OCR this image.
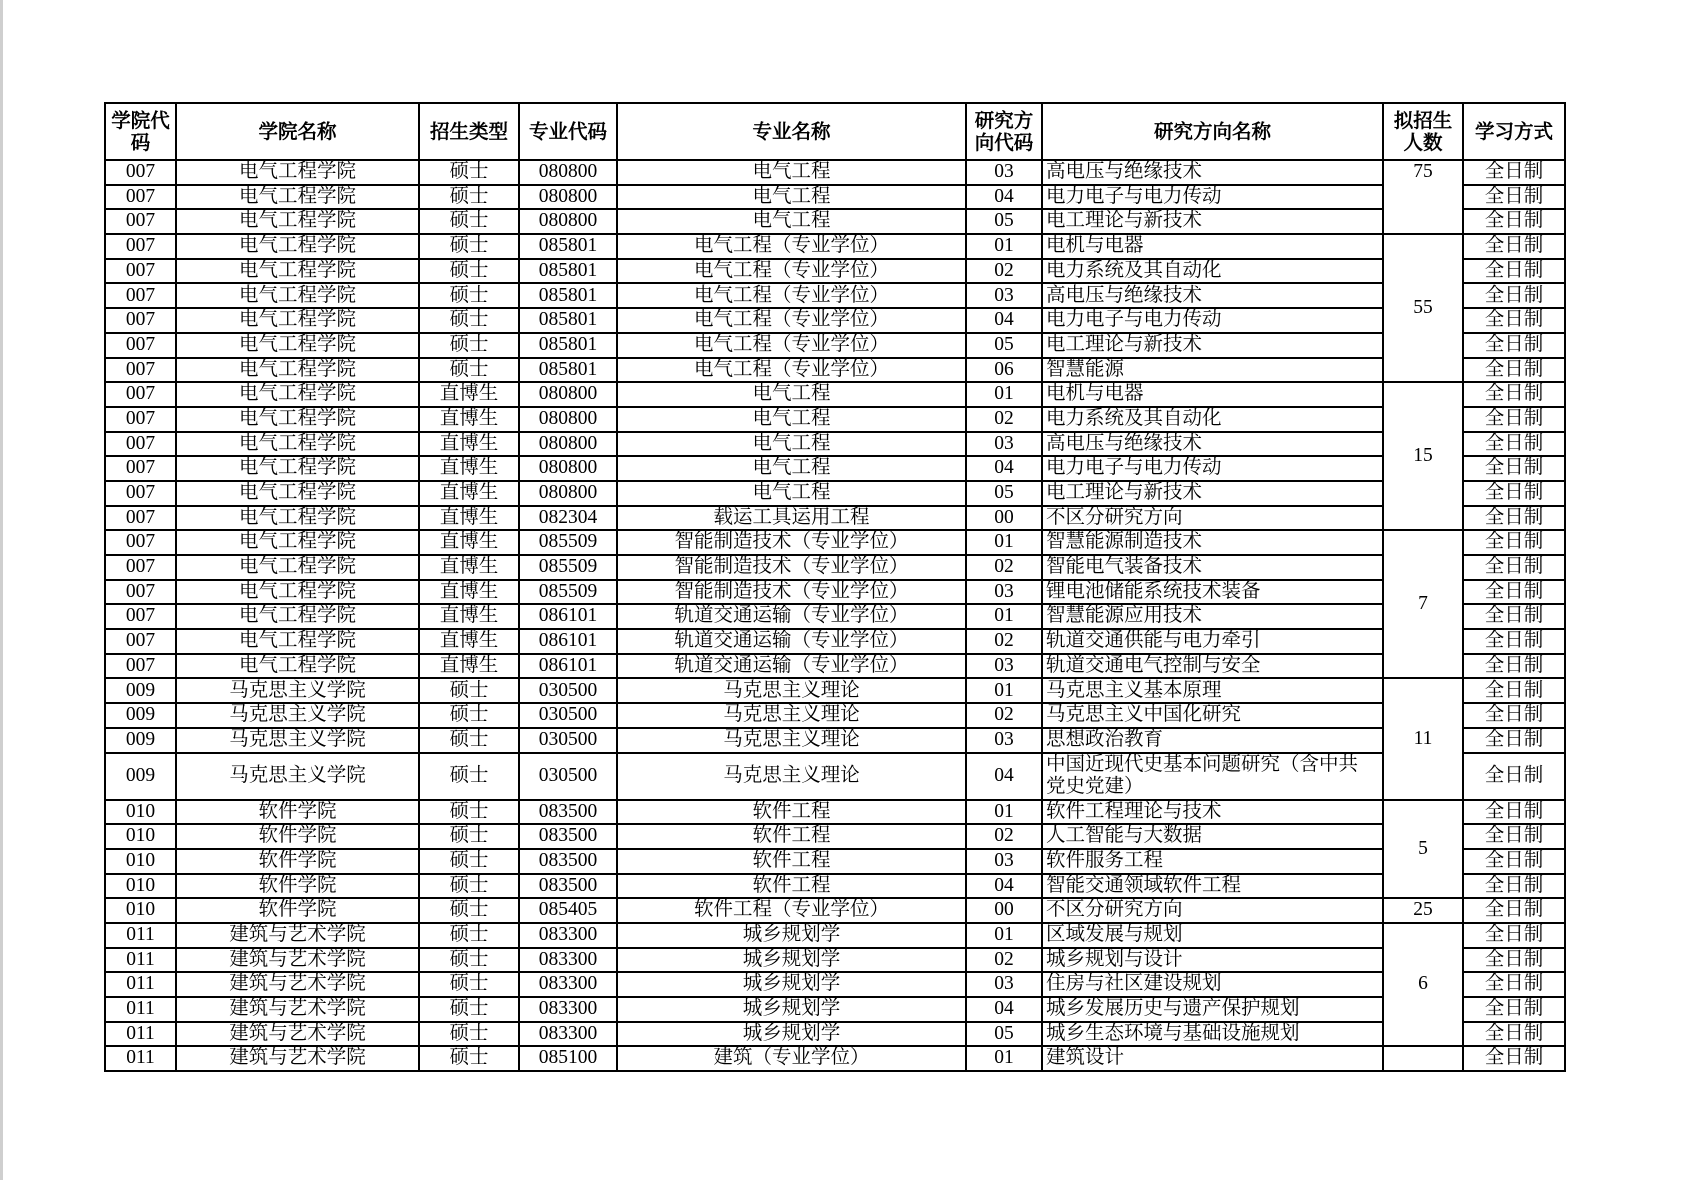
学院代码	学院名称	招生类型	专业代码	专业名称	研究方向代码	研究方向名称	拟招生人数	学习方式
007	电气工程学院	硕士	080800	电气工程	03	高电压与绝缘技术	75	全日制
007	电气工程学院	硕士	080800	电气工程	04	电力电子与电力传动		全日制
007	电气工程学院	硕士	080800	电气工程	05	电工理论与新技术		全日制
007	电气工程学院	硕士	085801	电气工程（专业学位）	01	电机与电器	55	全日制
007	电气工程学院	硕士	085801	电气工程（专业学位）	02	电力系统及其自动化		全日制
007	电气工程学院	硕士	085801	电气工程（专业学位）	03	高电压与绝缘技术		全日制
007	电气工程学院	硕士	085801	电气工程（专业学位）	04	电力电子与电力传动		全日制
007	电气工程学院	硕士	085801	电气工程（专业学位）	05	电工理论与新技术		全日制
007	电气工程学院	硕士	085801	电气工程（专业学位）	06	智慧能源		全日制
007	电气工程学院	直博生	080800	电气工程	01	电机与电器	15	全日制
007	电气工程学院	直博生	080800	电气工程	02	电力系统及其自动化		全日制
007	电气工程学院	直博生	080800	电气工程	03	高电压与绝缘技术		全日制
007	电气工程学院	直博生	080800	电气工程	04	电力电子与电力传动		全日制
007	电气工程学院	直博生	080800	电气工程	05	电工理论与新技术		全日制
007	电气工程学院	直博生	082304	载运工具运用工程	00	不区分研究方向		全日制
007	电气工程学院	直博生	085509	智能制造技术（专业学位）	01	智慧能源制造技术	7	全日制
007	电气工程学院	直博生	085509	智能制造技术（专业学位）	02	智能电气装备技术		全日制
007	电气工程学院	直博生	085509	智能制造技术（专业学位）	03	锂电池储能系统技术装备		全日制
007	电气工程学院	直博生	086101	轨道交通运输（专业学位）	01	智慧能源应用技术		全日制
007	电气工程学院	直博生	086101	轨道交通运输（专业学位）	02	轨道交通供能与电力牵引		全日制
007	电气工程学院	直博生	086101	轨道交通运输（专业学位）	03	轨道交通电气控制与安全		全日制
009	马克思主义学院	硕士	030500	马克思主义理论	01	马克思主义基本原理	11	全日制
009	马克思主义学院	硕士	030500	马克思主义理论	02	马克思主义中国化研究		全日制
009	马克思主义学院	硕士	030500	马克思主义理论	03	思想政治教育		全日制
009	马克思主义学院	硕士	030500	马克思主义理论	04	中国近现代史基本问题研究（含中共党史党建）		全日制
010	软件学院	硕士	083500	软件工程	01	软件工程理论与技术	5	全日制
010	软件学院	硕士	083500	软件工程	02	人工智能与大数据		全日制
010	软件学院	硕士	083500	软件工程	03	软件服务工程		全日制
010	软件学院	硕士	083500	软件工程	04	智能交通领域软件工程		全日制
010	软件学院	硕士	085405	软件工程（专业学位）	00	不区分研究方向	25	全日制
011	建筑与艺术学院	硕士	083300	城乡规划学	01	区域发展与规划	6	全日制
011	建筑与艺术学院	硕士	083300	城乡规划学	02	城乡规划与设计		全日制
011	建筑与艺术学院	硕士	083300	城乡规划学	03	住房与社区建设规划		全日制
011	建筑与艺术学院	硕士	083300	城乡规划学	04	城乡发展历史与遗产保护规划		全日制
011	建筑与艺术学院	硕士	083300	城乡规划学	05	城乡生态环境与基础设施规划		全日制
011	建筑与艺术学院	硕士	085100	建筑（专业学位）	01	建筑设计		全日制
